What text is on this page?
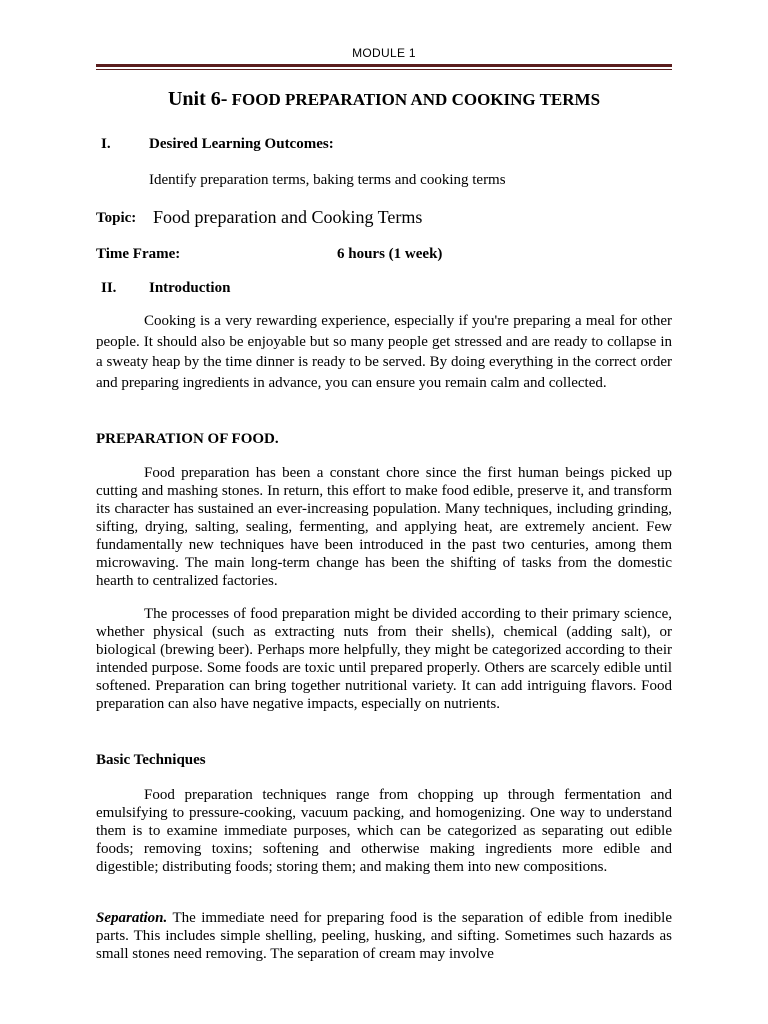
MODULE 1
Unit 6- FOOD PREPARATION AND COOKING TERMS
I.	Desired Learning Outcomes:
Identify preparation terms, baking terms and cooking terms
Topic: Food preparation and Cooking Terms
Time Frame:	6 hours (1 week)
II. Introduction

Cooking is a very rewarding experience, especially if you're preparing a meal for other people. It should also be enjoyable but so many people get stressed and are ready to collapse in a sweaty heap by the time dinner is ready to be served. By doing everything in the correct order and preparing ingredients in advance, you can ensure you remain calm and collected.

PREPARATION OF FOOD.

Food preparation has been a constant chore since the first human beings picked up cutting and mashing stones. In return, this effort to make food edible, preserve it, and transform its character has sustained an ever-increasing population. Many techniques, including grinding, sifting, drying, salting, sealing, fermenting, and applying heat, are extremely ancient. Few fundamentally new techniques have been introduced in the past two centuries, among them microwaving. The main long-term change has been the shifting of tasks from the domestic hearth to centralized factories.

The processes of food preparation might be divided according to their primary science, whether physical (such as extracting nuts from their shells), chemical (adding salt), or biological (brewing beer). Perhaps more helpfully, they might be categorized according to their intended purpose. Some foods are toxic until prepared properly. Others are scarcely edible until softened. Preparation can bring together nutritional variety. It can add intriguing flavors. Food preparation can also have negative impacts, especially on nutrients.

Basic Techniques

Food preparation techniques range from chopping up through fermentation and emulsifying to pressure-cooking, vacuum packing, and homogenizing. One way to understand them is to examine immediate purposes, which can be categorized as separating out edible foods; removing toxins; softening and otherwise making ingredients more edible and digestible; distributing foods; storing them; and making them into new compositions.

Separation. The immediate need for preparing food is the separation of edible from inedible parts. This includes simple shelling, peeling, husking, and sifting. Sometimes such hazards as small stones need removing. The separation of cream may involve
